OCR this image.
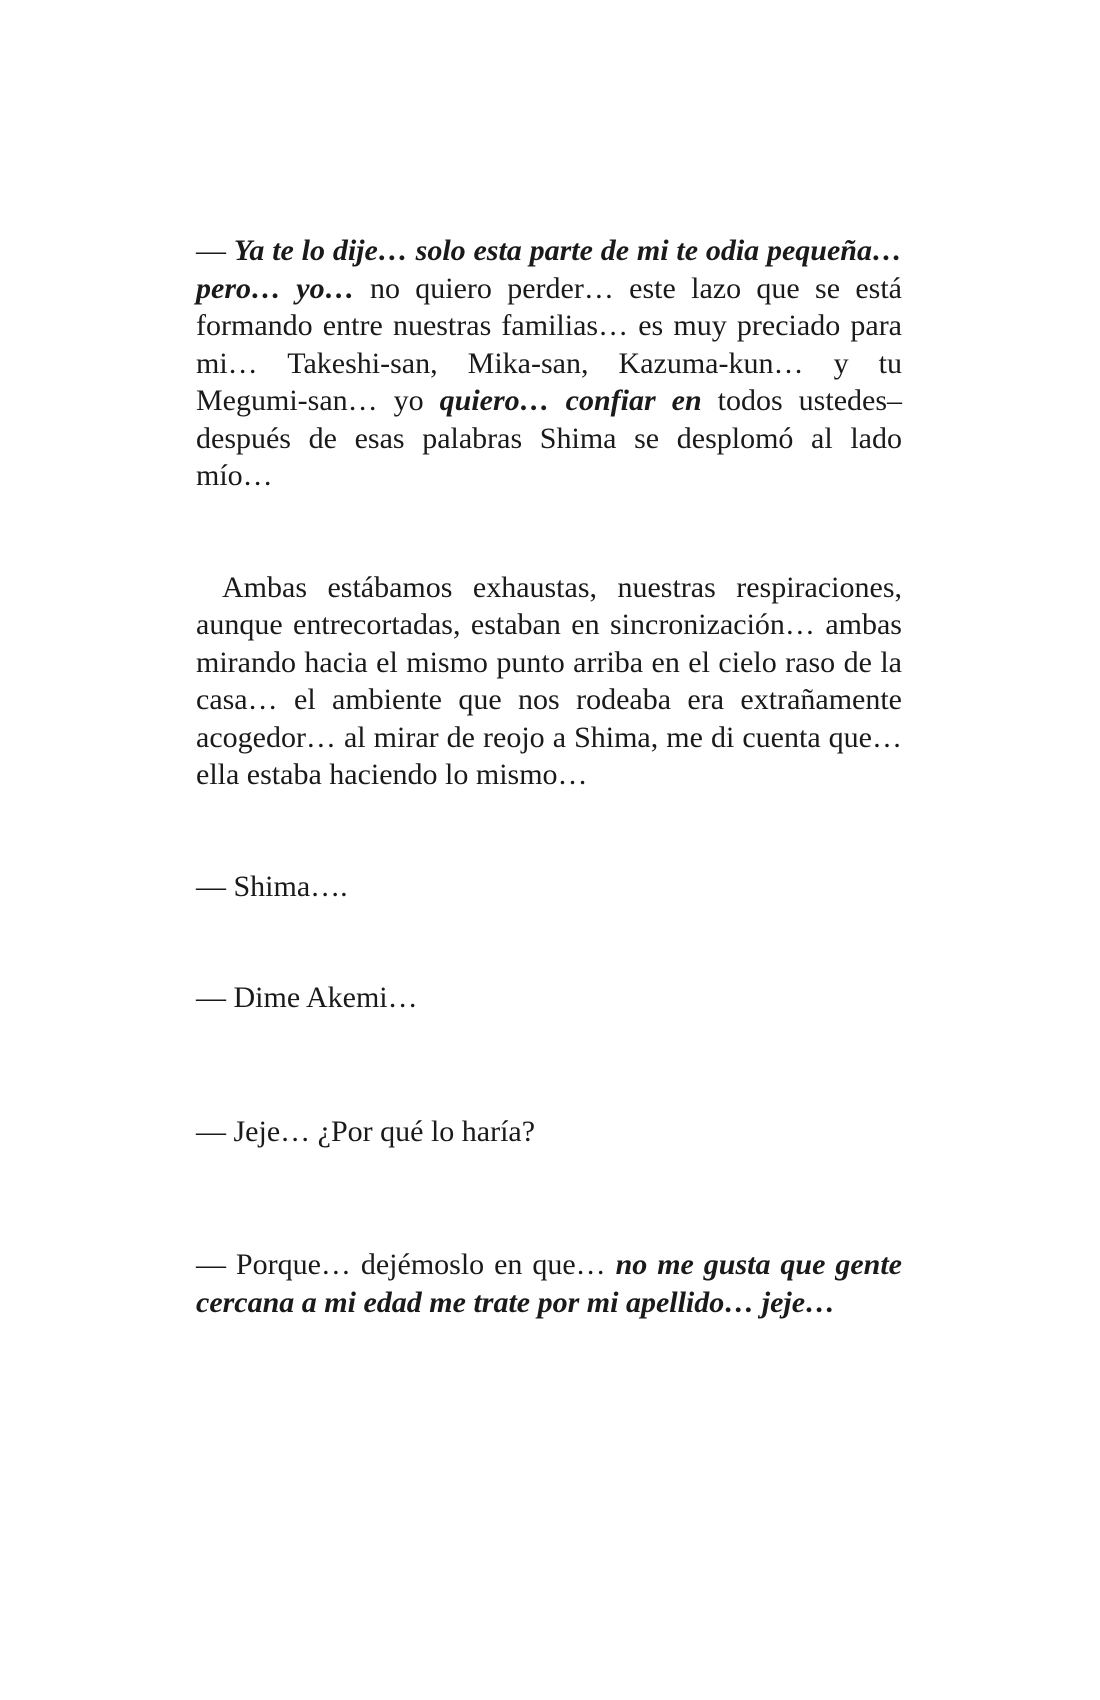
— Ya te lo dije… solo esta parte de mi te odia pequeña… pero… yo… no quiero perder… este lazo que se está formando entre nuestras familias… es muy preciado para mi… Takeshi-san, Mika-san, Kazuma-kun… y tu Megumi-san… yo quiero… confiar en todos ustedes– después de esas palabras Shima se desplomó al lado mío…

Ambas estábamos exhaustas, nuestras respiraciones, aunque entrecortadas, estaban en sincronización… ambas mirando hacia el mismo punto arriba en el cielo raso de la casa… el ambiente que nos rodeaba era extrañamente acogedor… al mirar de reojo a Shima, me di cuenta que… ella estaba haciendo lo mismo…

— Shima….

— Dime Akemi…

— Jeje… ¿Por qué lo haría?

— Porque… dejémoslo en que… no me gusta que gente cercana a mi edad me trate por mi apellido… jeje…
